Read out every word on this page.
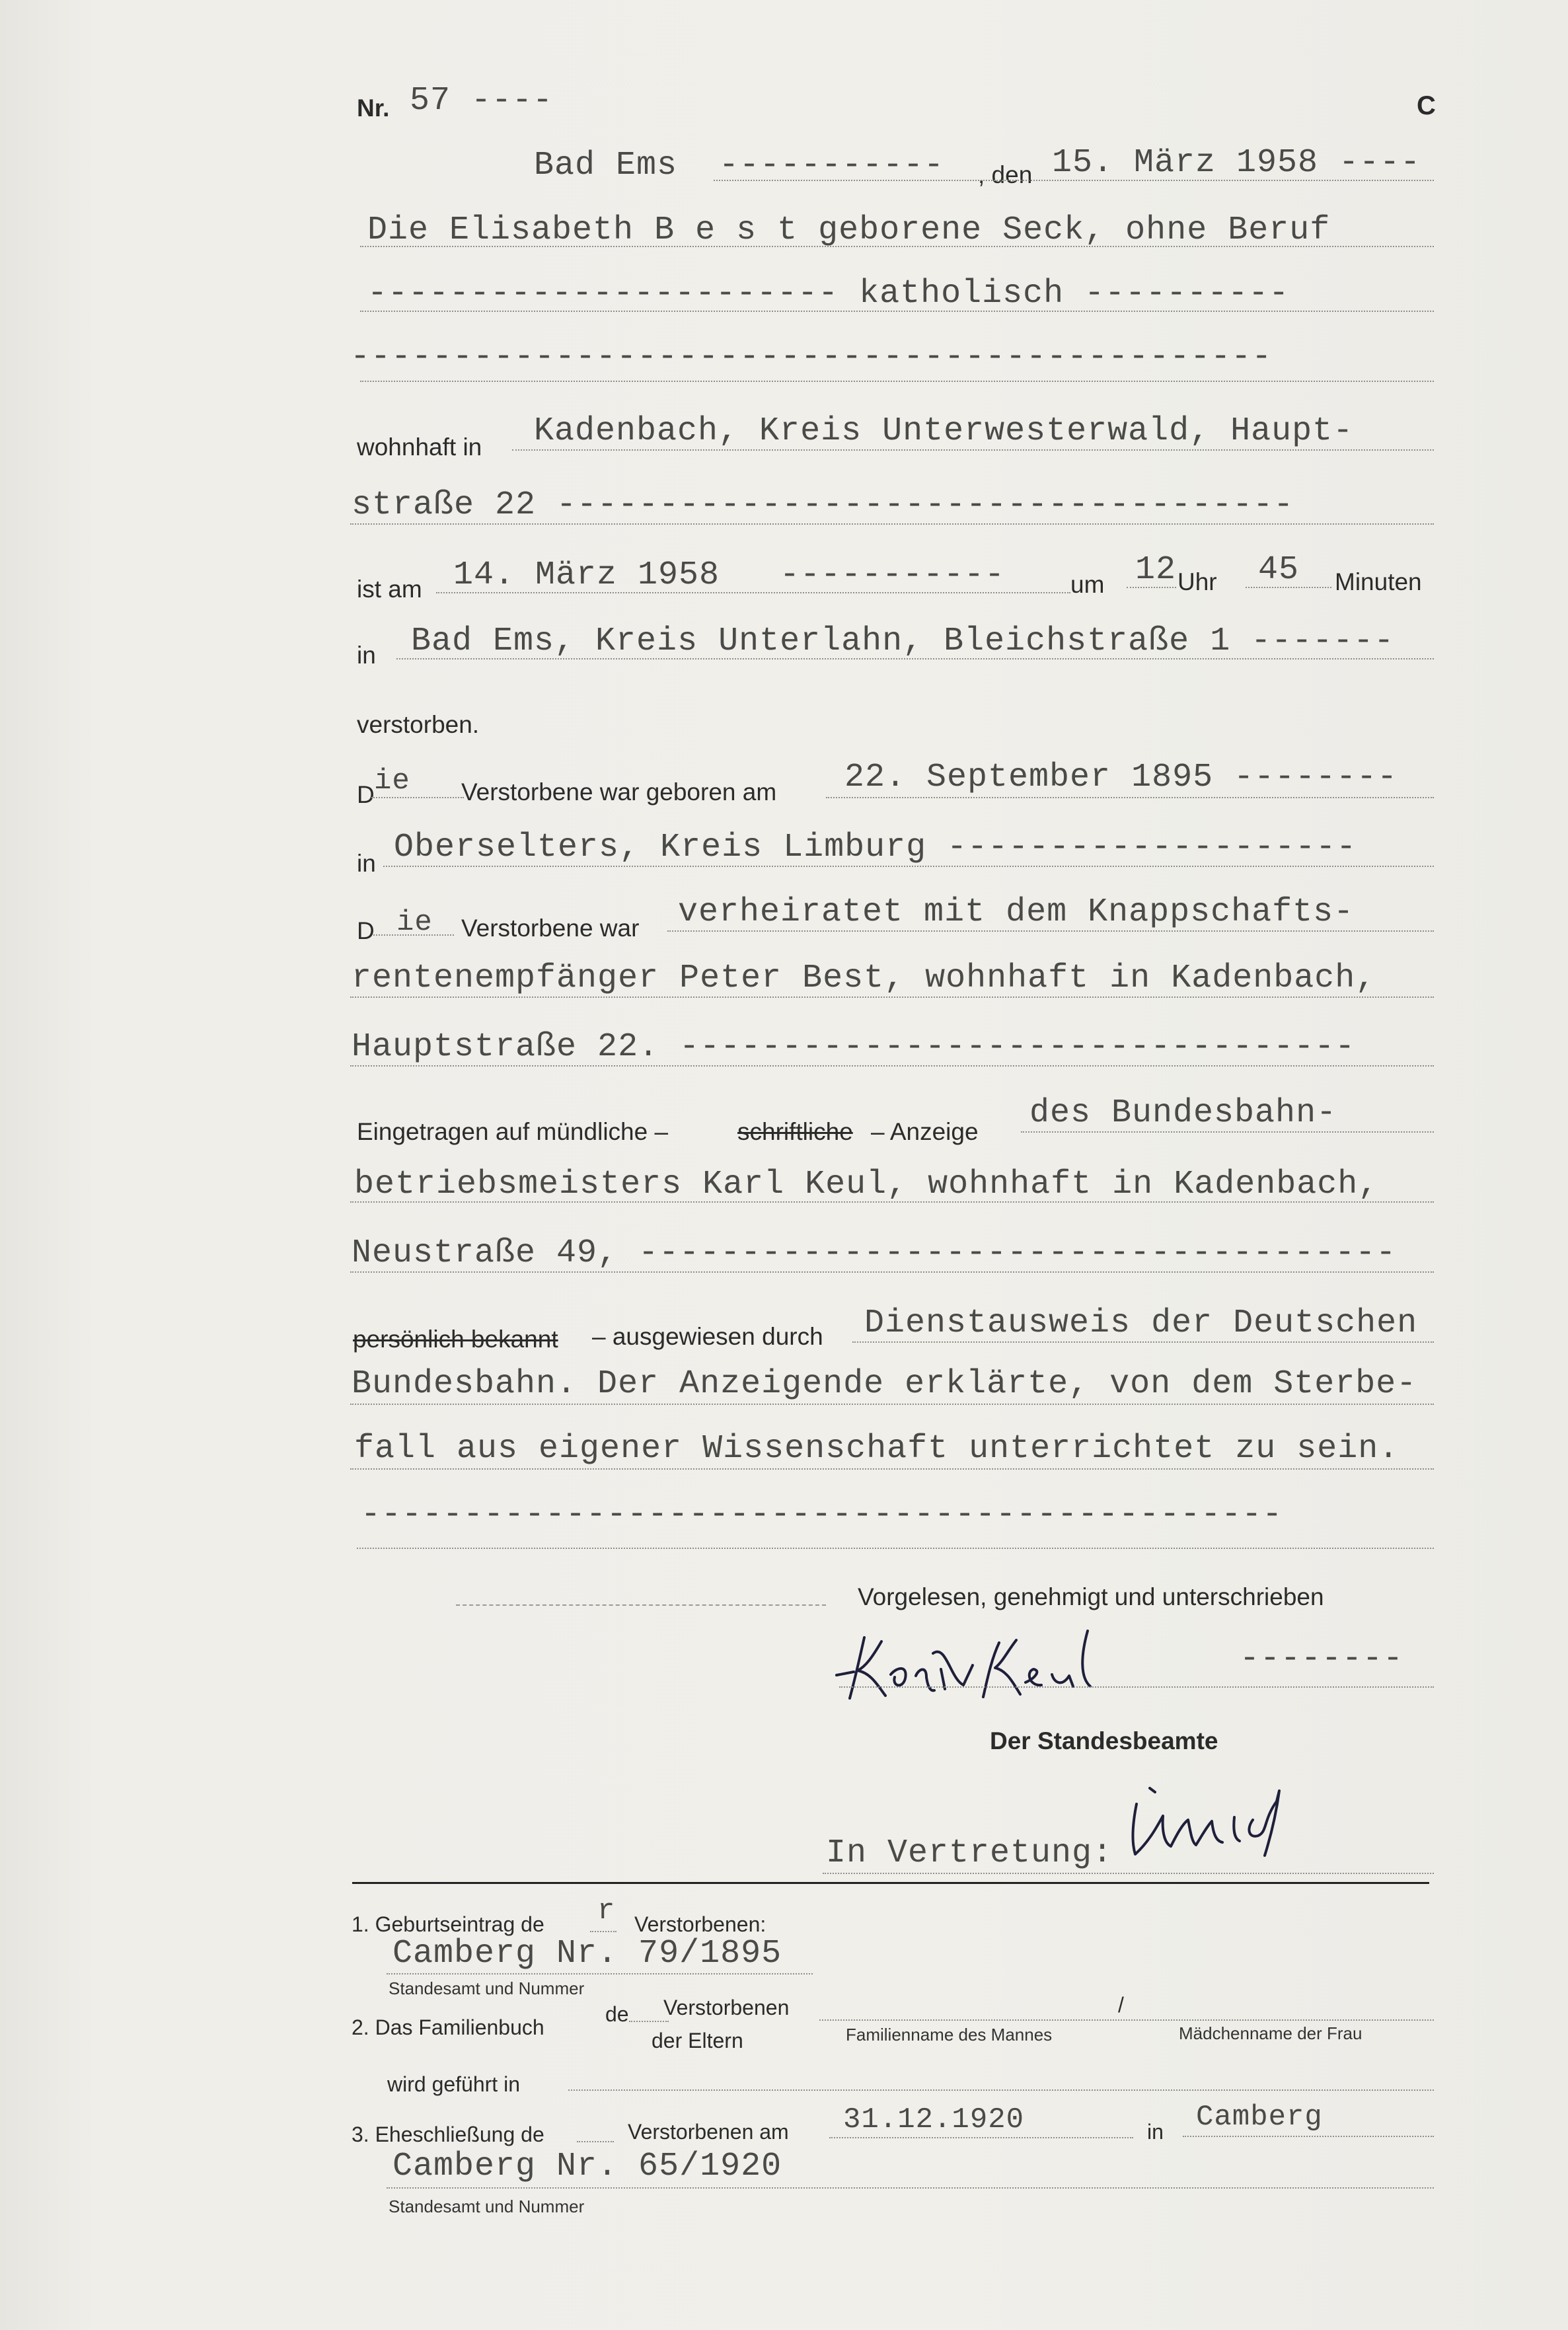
Nr. 57 ----	C
Bad Ems ----------- , den 15. März 1958 ----
Die Elisabeth B e s t geborene Seck, ohne Beruf
----------------------- katholisch ----------
---------------------------------------------
wohnhaft in Kadenbach, Kreis Unterwesterwald, Haupt-
straße 22 ------------------------------------
ist am 14. März 1958 -----------	um 12 Uhr 45 Minuten
in Bad Ems, Kreis Unterlahn, Bleichstraße 1 -------
verstorben.
D ie Verstorbene war geboren am 22. September 1895 --------
in Oberselters, Kreis Limburg --------------------
D ie Verstorbene war verheiratet mit dem Knappschafts-
rentenempfänger Peter Best, wohnhaft in Kadenbach,
Hauptstraße 22. ---------------------------------
Eingetragen auf mündliche –	schriftliche – Anzeige des Bundesbahn-
betriebsmeisters Karl Keul, wohnhaft in Kadenbach,
Neustraße 49, -------------------------------------
persönlich bekannt – ausgewiesen durch Dienstausweis der Deutschen
Bundesbahn. Der Anzeigende erklärte, von dem Sterbe-
fall aus eigener Wissenschaft unterrichtet zu sein.
---------------------------------------------
Vorgelesen, genehmigt und unterschrieben
--------
Der Standesbeamte
In Vertretung:
1. Geburtseintrag de r Verstorbenen:
Camberg Nr. 79/1895
Standesamt und Nummer
2. Das Familienbuch
de Verstorbenen
der Eltern
/
Familienname des Mannes	Mädchenname der Frau
wird geführt in
3. Eheschließung de	Verstorbenen am 31.12.1920	in Camberg
Camberg Nr. 65/1920
Standesamt und Nummer
